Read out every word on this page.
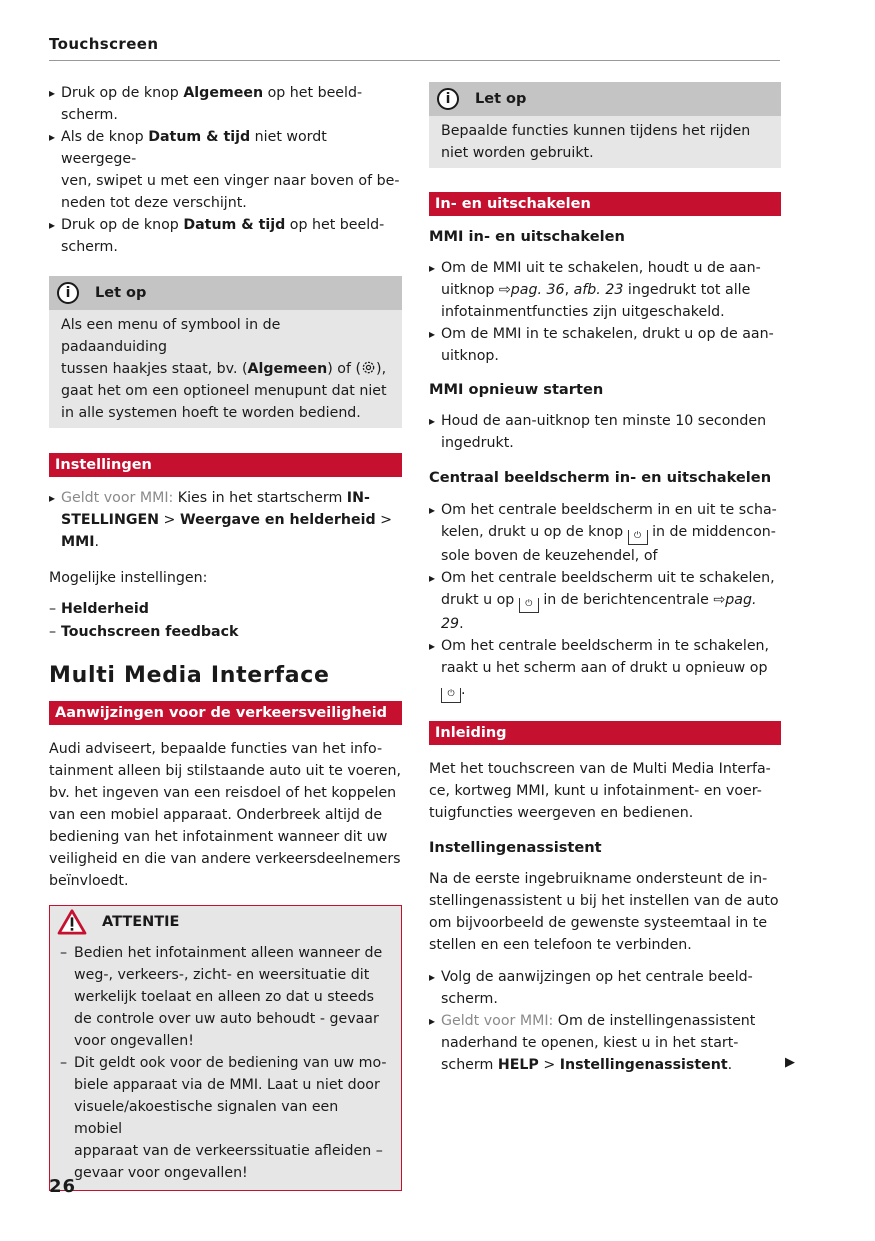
Touchscreen

▸ Druk op de knop Algemeen op het beeld-
scherm.

▸ Als de knop Datum & tijd niet wordt weergege-
ven, swipet u met een vinger naar boven of be-
neden tot deze verschijnt.

▸ Druk op de knop Datum & tijd op het beeld-
scherm.

i	Let op
Als een menu of symbool in de padaanduiding
tussen haakjes staat, bv. (Algemeen) of ( ),
gaat het om een optioneel menupunt dat niet
in alle systemen hoeft te worden bediend.
Instellingen

▸ Geldt voor MMI: Kies in het startscherm IN-
STELLINGEN > Weergave en helderheid > MMI.

Mogelijke instellingen:

– Helderheid

– Touchscreen feedback

Multi Media Interface
Aanwijzingen voor de verkeersveiligheid

Audi adviseert, bepaalde functies van het info-
tainment alleen bij stilstaande auto uit te voeren,
bv. het ingeven van een reisdoel of het koppelen
van een mobiel apparaat. Onderbreek altijd de
bediening van het infotainment wanneer dit uw
veiligheid en die van andere verkeersdeelnemers
beïnvloedt.

ATTENTIE

– Bedien het infotainment alleen wanneer de
weg-, verkeers-, zicht- en weersituatie dit
werkelijk toelaat en alleen zo dat u steeds
de controle over uw auto behoudt - gevaar
voor ongevallen!

– Dit geldt ook voor de bediening van uw mo-
biele apparaat via de MMI. Laat u niet door
visuele/akoestische signalen van een mobiel
apparaat van de verkeerssituatie afleiden –
gevaar voor ongevallen!

i	Let op
Bepaalde functies kunnen tijdens het rijden
niet worden gebruikt.
In- en uitschakelen

MMI in- en uitschakelen

▸ Om de MMI uit te schakelen, houdt u de aan-
uitknop ⇨pag. 36, afb. 23 ingedrukt tot alle
infotainmentfuncties zijn uitgeschakeld.

▸ Om de MMI in te schakelen, drukt u op de aan-
uitknop.

MMI opnieuw starten

▸ Houd de aan-uitknop ten minste 10 seconden
ingedrukt.

Centraal beeldscherm in- en uitschakelen

▸ Om het centrale beeldscherm in en uit te scha-
kelen, drukt u op de knop ⏻ in de middencon-
sole boven de keuzehendel, of

▸ Om het centrale beeldscherm uit te schakelen,
drukt u op ⏻ in de berichtencentrale ⇨pag.
29.

▸ Om het centrale beeldscherm in te schakelen,
raakt u het scherm aan of drukt u opnieuw op
⏻ .

Inleiding

Met het touchscreen van de Multi Media Interfa-
ce, kortweg MMI, kunt u infotainment- en voer-
tuigfuncties weergeven en bedienen.

Instellingenassistent

Na de eerste ingebruikname ondersteunt de in-
stellingenassistent u bij het instellen van de auto
om bijvoorbeeld de gewenste systeemtaal in te
stellen en een telefoon te verbinden.

▸ Volg de aanwijzingen op het centrale beeld-
scherm.

▸ Geldt voor MMI: Om de instellingenassistent
naderhand te openen, kiest u in het start-
scherm HELP > Instellingenassistent.	▶
26
